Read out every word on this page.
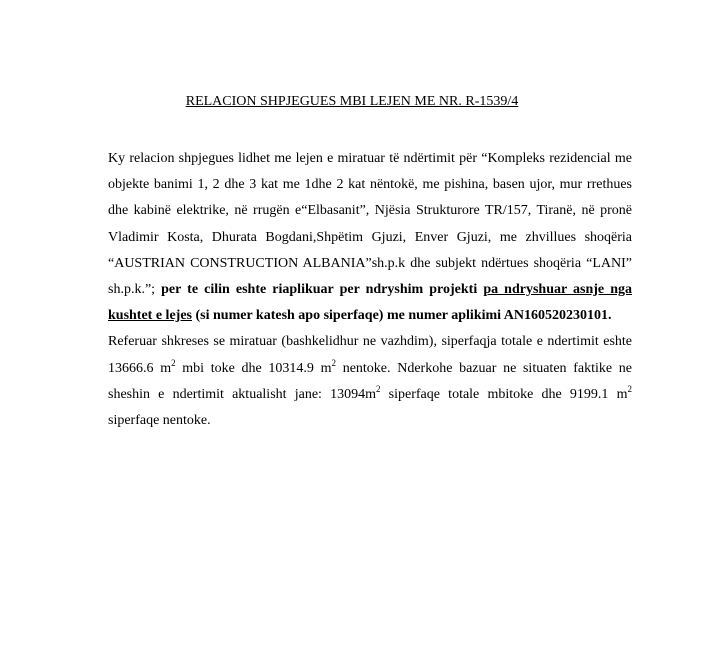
RELACION SHPJEGUES MBI LEJEN ME NR. R-1539/4

Ky relacion shpjegues lidhet me lejen e miratuar të ndërtimit për “Kompleks rezidencial me objekte banimi 1, 2 dhe 3 kat me 1dhe 2 kat nëntokë, me pishina, basen ujor, mur rrethues dhe kabinë elektrike, në rrugën e“Elbasanit”, Njësia Strukturore TR/157, Tiranë, në pronë Vladimir Kosta, Dhurata Bogdani,Shpëtim Gjuzi, Enver Gjuzi, me zhvillues shoqëria “AUSTRIAN CONSTRUCTION ALBANIA”sh.p.k dhe subjekt ndërtues shoqëria “LANI” sh.p.k.”; per te cilin eshte riaplikuar per ndryshim projekti pa ndryshuar asnje nga kushtet e lejes (si numer katesh apo siperfaqe) me numer aplikimi AN160520230101.

Referuar shkreses se miratuar (bashkelidhur ne vazhdim), siperfaqja totale e ndertimit eshte 13666.6 $m^2$ mbi toke dhe 10314.9 $m^2$ nentoke. Nderkohe bazuar ne situaten faktike ne sheshin e ndertimit aktualisht jane: $13094m^2$ siperfaqe totale mbitoke dhe 9199.1 $m^2$ siperfaqe nentoke.
